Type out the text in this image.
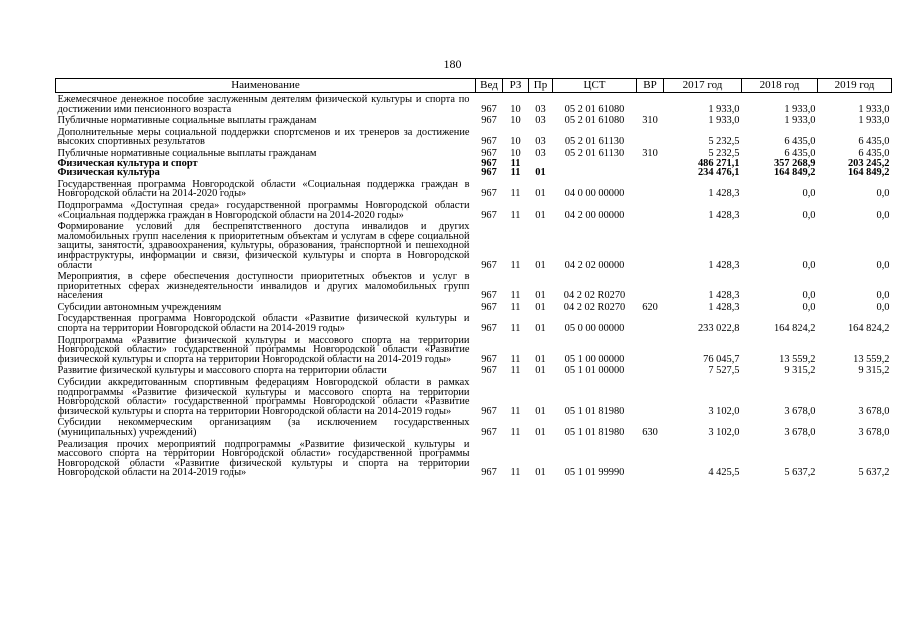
180
Наименование	Вед	РЗ	Пр	ЦСТ	ВР	2017 год	2018 год	2019 год
Ежемесячное денежное пособие заслуженным деятелям физической культуры и спорта по достижении ими пенсионного возраста	967	10	03	05 2 01 61080		1 933,0	1 933,0	1 933,0
Публичные нормативные социальные выплаты гражданам	967	10	03	05 2 01 61080	310	1 933,0	1 933,0	1 933,0
Дополнительные меры социальной поддержки спортсменов и их тренеров за достижение высоких спортивных результатов	967	10	03	05 2 01 61130		5 232,5	6 435,0	6 435,0
Публичные нормативные социальные выплаты гражданам	967	10	03	05 2 01 61130	310	5 232,5	6 435,0	6 435,0
Физическая культура и спорт	967	11				486 271,1	357 268,9	203 245,2
Физическая культура	967	11	01			234 476,1	164 849,2	164 849,2
Государственная программа Новгородской области «Социальная поддержка граждан в Новгородской области на 2014-2020 годы»	967	11	01	04 0 00 00000		1 428,3	0,0	0,0
Подпрограмма «Доступная среда» государственной программы Новгородской области «Социальная поддержка граждан в Новгородской области на 2014-2020 годы»	967	11	01	04 2 00 00000		1 428,3	0,0	0,0
Формирование условий для беспрепятственного доступа инвалидов и других маломобильных групп населения к приоритетным объектам и услугам в сфере социальной защиты, занятости, здравоохранения, культуры, образования, транспортной и пешеходной инфраструктуры, информации и связи, физической культуры и спорта в Новгородской области	967	11	01	04 2 02 00000		1 428,3	0,0	0,0
Мероприятия, в сфере обеспечения доступности приоритетных объектов и услуг в приоритетных сферах жизнедеятельности инвалидов и других маломобильных групп населения	967	11	01	04 2 02 R0270		1 428,3	0,0	0,0
Субсидии автономным учреждениям	967	11	01	04 2 02 R0270	620	1 428,3	0,0	0,0
Государственная программа Новгородской области «Развитие физической культуры и спорта на территории Новгородской области на 2014-2019 годы»	967	11	01	05 0 00 00000		233 022,8	164 824,2	164 824,2
Подпрограмма «Развитие физической культуры и массового спорта на территории Новгородской области» государственной программы Новгородской области «Развитие физической культуры и спорта на территории Новгородской области на 2014-2019 годы»	967	11	01	05 1 00 00000		76 045,7	13 559,2	13 559,2
Развитие физической культуры и массового спорта на территории области	967	11	01	05 1 01 00000		7 527,5	9 315,2	9 315,2
Субсидии аккредитованным спортивным федерациям Новгородской области в рамках подпрограммы «Развитие физической культуры и массового спорта на территории Новгородской области» государственной программы Новгородской области «Развитие физической культуры и спорта на территории Новгородской области на 2014-2019 годы»	967	11	01	05 1 01 81980		3 102,0	3 678,0	3 678,0
Субсидии некоммерческим организациям (за исключением государственных (муниципальных) учреждений)	967	11	01	05 1 01 81980	630	3 102,0	3 678,0	3 678,0
Реализация прочих мероприятий подпрограммы «Развитие физической культуры и массового спорта на территории Новгородской области» государственной программы Новгородской области «Развитие физической культуры и спорта на территории Новгородской области на 2014-2019 годы»	967	11	01	05 1 01 99990		4 425,5	5 637,2	5 637,2
